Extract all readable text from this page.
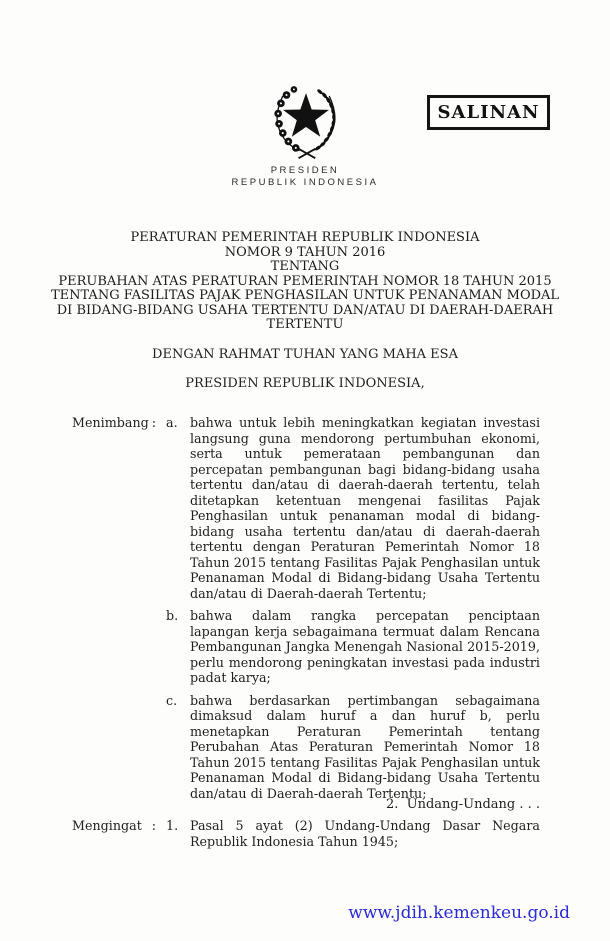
SALINAN
PRESIDEN
REPUBLIK INDONESIA
PERATURAN PEMERINTAH REPUBLIK INDONESIA
NOMOR 9 TAHUN 2016
TENTANG
PERUBAHAN ATAS PERATURAN PEMERINTAH NOMOR 18 TAHUN 2015
TENTANG FASILITAS PAJAK PENGHASILAN UNTUK PENANAMAN MODAL
DI BIDANG-BIDANG USAHA TERTENTU DAN/ATAU DI DAERAH-DAERAH
TERTENTU
DENGAN RAHMAT TUHAN YANG MAHA ESA
PRESIDEN REPUBLIK INDONESIA,
Menimbang : a. bahwa untuk lebih meningkatkan kegiatan investasi langsung guna mendorong pertumbuhan ekonomi, serta untuk pemerataan pembangunan dan percepatan pembangunan bagi bidang-bidang usaha tertentu dan/atau di daerah-daerah tertentu, telah ditetapkan ketentuan mengenai fasilitas Pajak Penghasilan untuk penanaman modal di bidang-bidang usaha tertentu dan/atau di daerah-daerah tertentu dengan Peraturan Pemerintah Nomor 18 Tahun 2015 tentang Fasilitas Pajak Penghasilan untuk Penanaman Modal di Bidang-bidang Usaha Tertentu dan/atau di Daerah-daerah Tertentu;
b. bahwa dalam rangka percepatan penciptaan lapangan kerja sebagaimana termuat dalam Rencana Pembangunan Jangka Menengah Nasional 2015-2019, perlu mendorong peningkatan investasi pada industri padat karya;
c.	bahwa berdasarkan pertimbangan sebagaimana dimaksud dalam huruf a dan huruf b, perlu menetapkan Peraturan Pemerintah tentang Perubahan Atas Peraturan Pemerintah Nomor 18 Tahun 2015 tentang Fasilitas Pajak Penghasilan untuk Penanaman Modal di Bidang-bidang Usaha Tertentu dan/atau di Daerah-daerah Tertentu;
Mengingat : 1. Pasal 5 ayat (2) Undang-Undang Dasar Negara Republik Indonesia Tahun 1945;
2.  Undang-Undang . . .
www.jdih.kemenkeu.go.id
